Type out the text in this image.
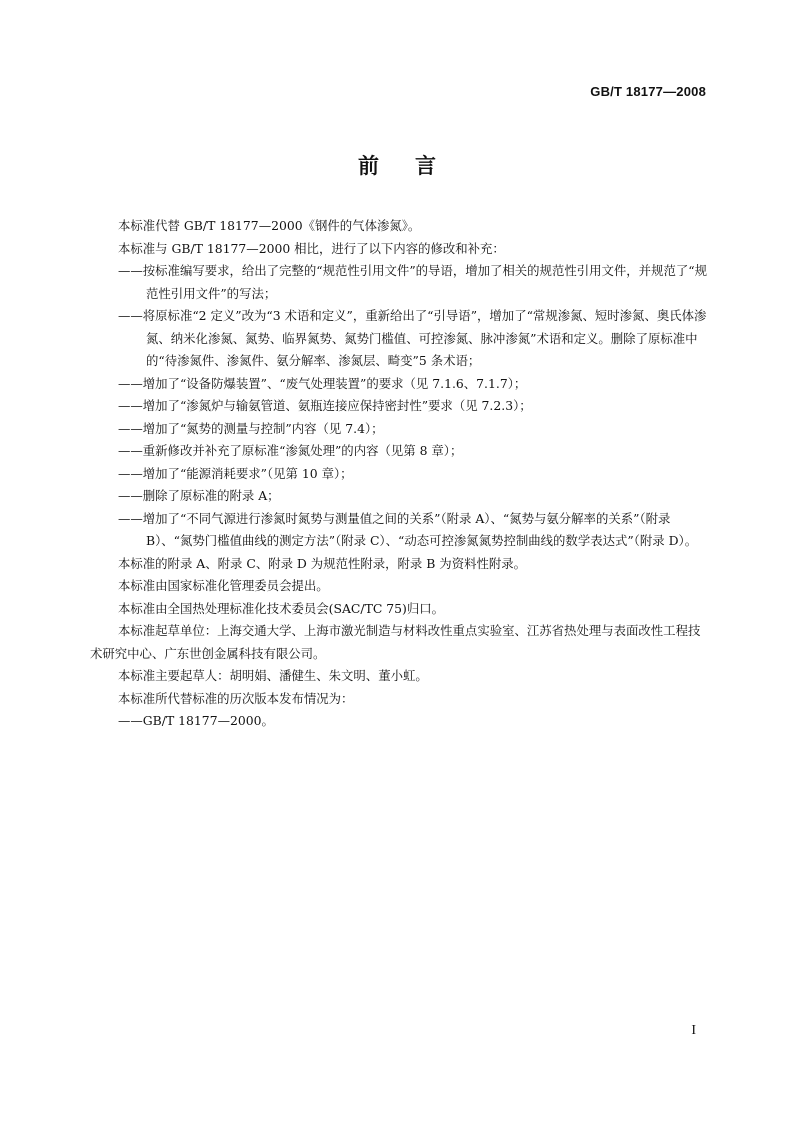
GB/T 18177—2008
前言

本标准代替 GB/T 18177—2000《钢件的气体渗氮》。

本标准与 GB/T 18177—2000 相比，进行了以下内容的修改和补充：

——按标准编写要求，给出了完整的“规范性引用文件”的导语，增加了相关的规范性引用文件，并规范了“规范性引用文件”的写法；

——将原标准“2 定义”改为“3 术语和定义”，重新给出了“引导语”，增加了“常规渗氮、短时渗氮、奥氏体渗氮、纳米化渗氮、氮势、临界氮势、氮势门槛值、可控渗氮、脉冲渗氮”术语和定义。删除了原标准中的“待渗氮件、渗氮件、氨分解率、渗氮层、畸变”5 条术语；

——增加了“设备防爆装置”、“废气处理装置”的要求（见 7.1.6、7.1.7）；

——增加了“渗氮炉与输氨管道、氨瓶连接应保持密封性”要求（见 7.2.3）；

——增加了“氮势的测量与控制”内容（见 7.4）；

——重新修改并补充了原标准“渗氮处理”的内容（见第 8 章）；

——增加了“能源消耗要求”（见第 10 章）；

——删除了原标准的附录 A；

——增加了“不同气源进行渗氮时氮势与测量值之间的关系”（附录 A）、“氮势与氨分解率的关系”（附录 B）、“氮势门槛值曲线的测定方法”（附录 C）、“动态可控渗氮氮势控制曲线的数学表达式”（附录 D）。

本标准的附录 A、附录 C、附录 D 为规范性附录，附录 B 为资料性附录。

本标准由国家标准化管理委员会提出。

本标准由全国热处理标准化技术委员会(SAC/TC 75)归口。

本标准起草单位：上海交通大学、上海市激光制造与材料改性重点实验室、江苏省热处理与表面改性工程技术研究中心、广东世创金属科技有限公司。

本标准主要起草人：胡明娟、潘健生、朱文明、董小虹。

本标准所代替标准的历次版本发布情况为：

——GB/T 18177—2000。

I
